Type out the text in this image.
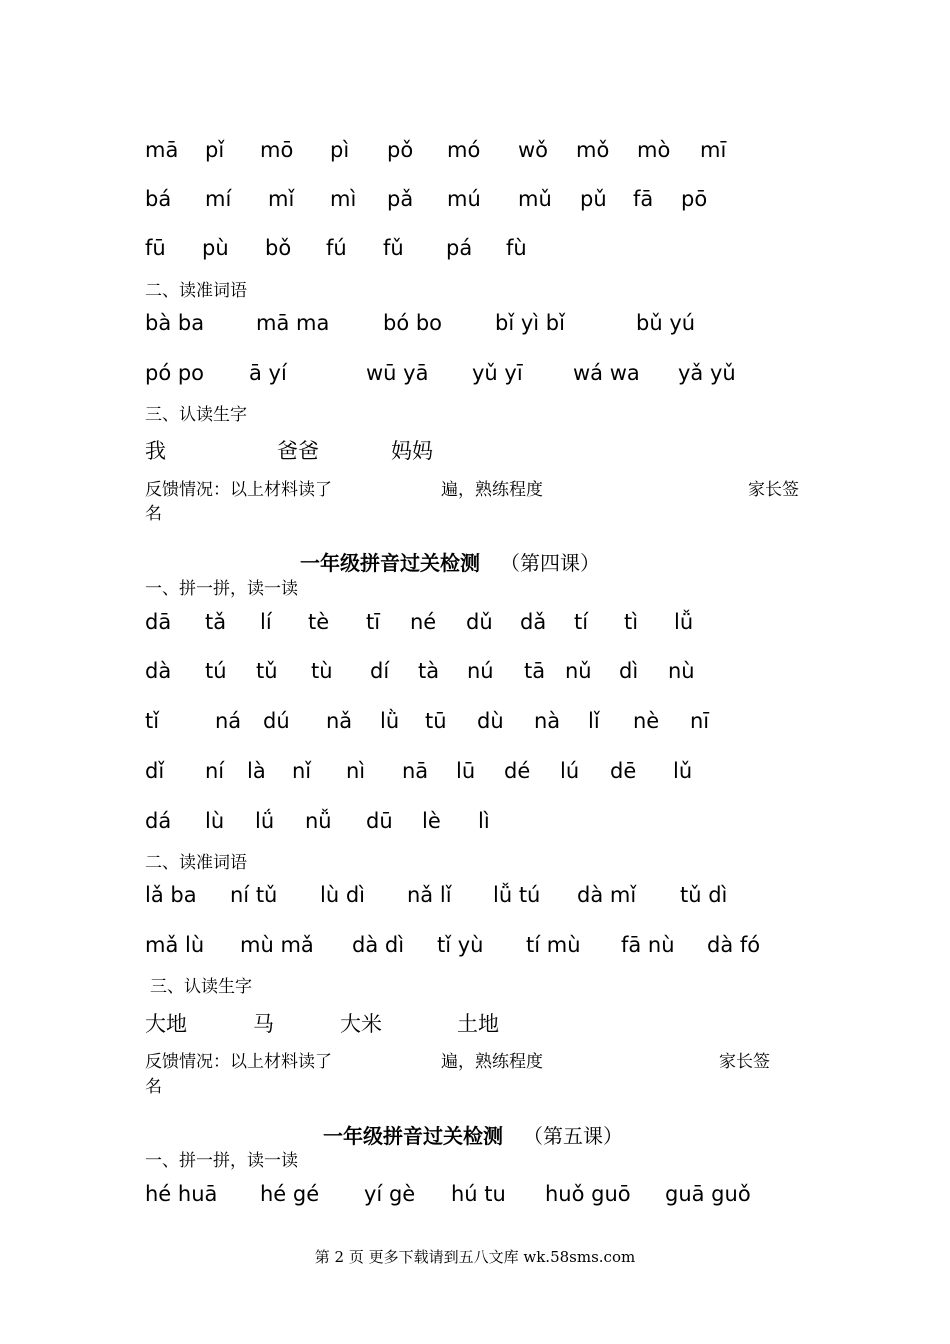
mā pǐ mō pì pǒ mó wǒ mǒ mò mī
bá mí mǐ mì pǎ mú mǔ pǔ fā pō
fū pù bǒ fú fǔ pá fù
二、读准词语
bà ba mā ma	bó bo	bǐ yì bǐ	bǔ yú
pó po ā yí	wū yā yǔ yī wá wa yǎ yǔ
三、认读生字
我	爸爸	妈妈
反馈情况：以上材料读了	遍，熟练程度	家长签
名
一年级拼音过关检测 （第四课）
一、拼一拼，读一读
dā tǎ lí tè tī né dǔ dǎ tí tì lǚ
dà tú tǔ tù dí tà nú tā nǔ dì nù
tǐ	ná dú nǎ lǜ tū dù nà lǐ nè nī
dǐ ní là nǐ nì nā lū dé lú dē lǔ
dá lù lǘ nǚ dū lè lì
二、读准词语
lǎ ba ní tǔ lù dì nǎ lǐ lǚ tú dà mǐ tǔ dì
mǎ lù mù mǎ dà dì tǐ yù tí mù fā nù dà fó
三、认读生字
大地	马	大米	土地
反馈情况：以上材料读了	遍，熟练程度	家长签
名
一年级拼音过关检测 （第五课）
一、拼一拼，读一读
hé huā hé gé yí gè hú tu huǒ guō guā guǒ
第 2 页 更多下载请到五八文库 wk.58sms.com
